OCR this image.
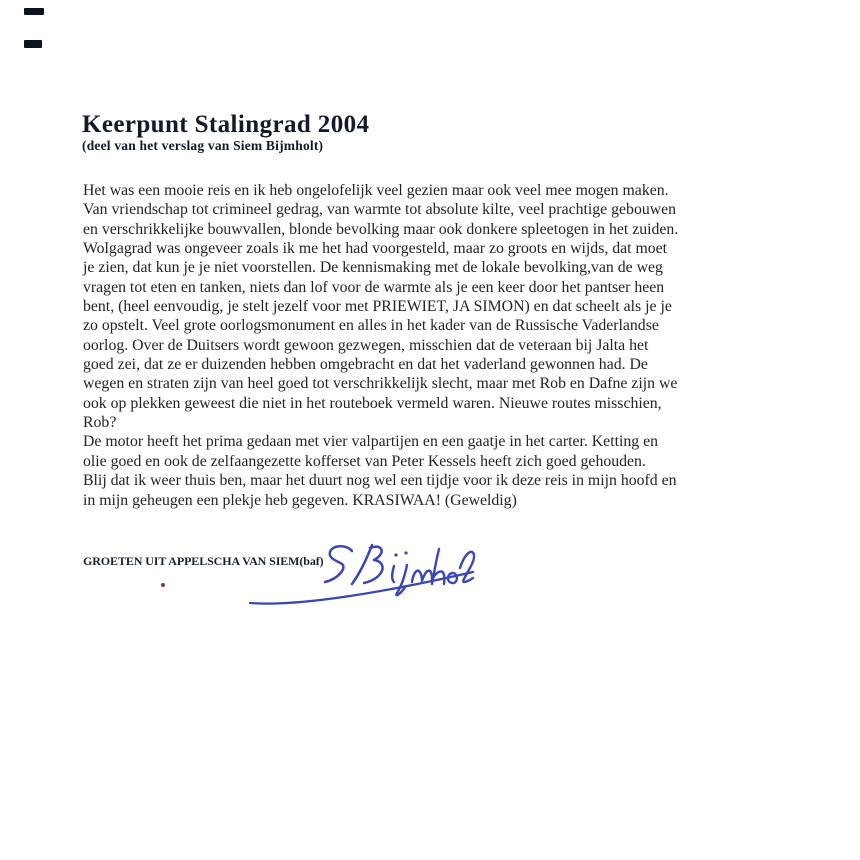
Keerpunt Stalingrad 2004
(deel van het verslag van Siem Bijmholt)
Het was een mooie reis en ik heb ongelofelijk veel gezien maar ook veel mee mogen maken.
Van vriendschap tot crimineel gedrag, van warmte tot absolute kilte, veel prachtige gebouwen
en verschrikkelijke bouwvallen, blonde bevolking maar ook donkere spleetogen in het zuiden.
Wolgagrad was ongeveer zoals ik me het had voorgesteld, maar zo groots en wijds, dat moet
je zien, dat kun je je niet voorstellen. De kennismaking met de lokale bevolking,van de weg
vragen tot eten en tanken, niets dan lof voor de warmte als je een keer door het pantser heen
bent, (heel eenvoudig, je stelt jezelf voor met PRIEWIET, JA SIMON) en dat scheelt als je je
zo opstelt. Veel grote oorlogsmonument en alles in het kader van de Russische Vaderlandse
oorlog. Over de Duitsers wordt gewoon gezwegen, misschien dat de veteraan bij Jalta het
goed zei, dat ze er duizenden hebben omgebracht en dat het vaderland gewonnen had. De
wegen en straten zijn van heel goed tot verschrikkelijk slecht, maar met Rob en Dafne zijn we
ook op plekken geweest die niet in het routeboek vermeld waren. Nieuwe routes misschien,
Rob?
De motor heeft het prima gedaan met vier valpartijen en een gaatje in het carter. Ketting en
olie goed en ook de zelfaangezette kofferset van Peter Kessels heeft zich goed gehouden.
Blij dat ik weer thuis ben, maar het duurt nog wel een tijdje voor ik deze reis in mijn hoofd en
in mijn geheugen een plekje heb gegeven. KRASIWAA! (Geweldig)
GROETEN UIT APPELSCHA VAN SIEM(baf)
